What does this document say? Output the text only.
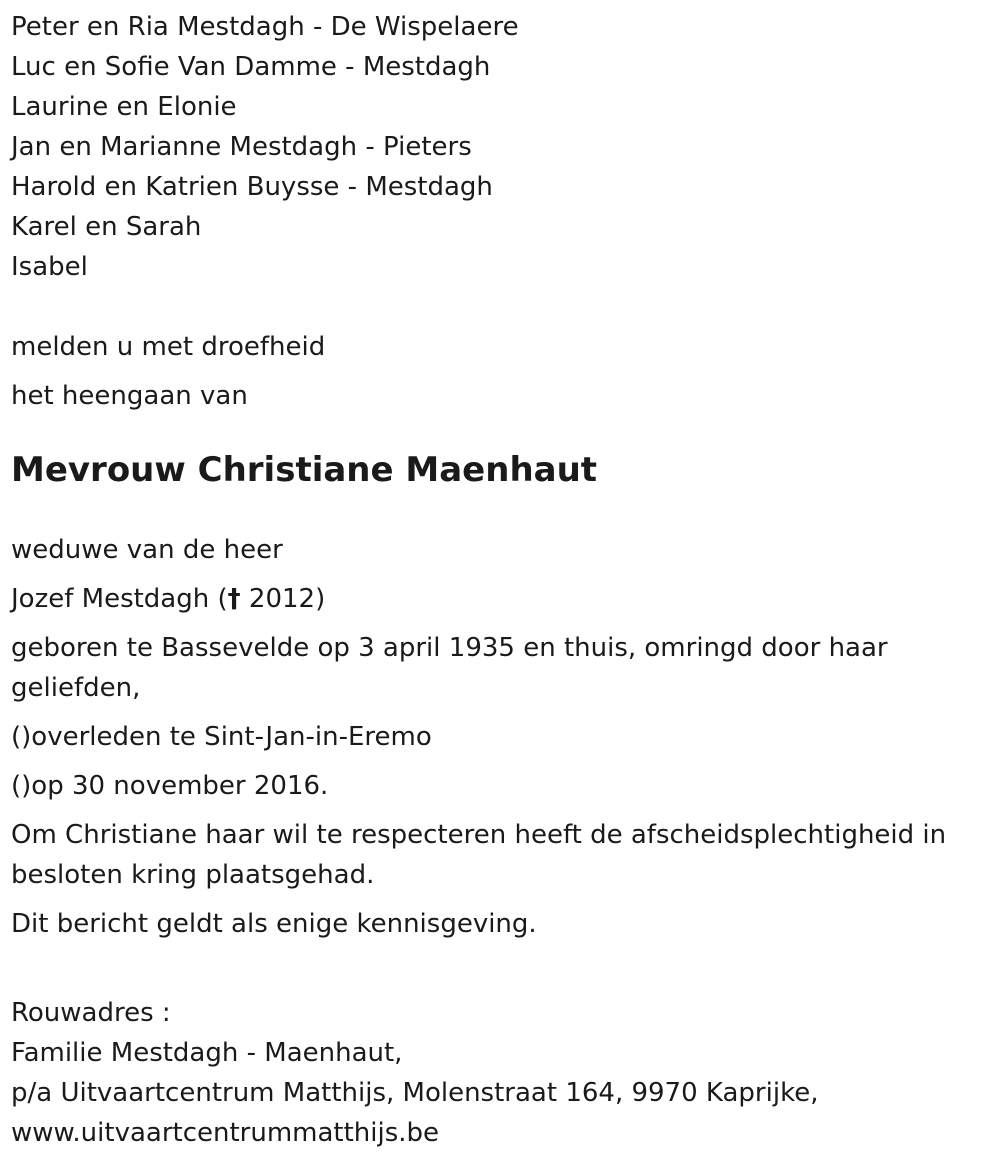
Peter en Ria Mestdagh - De Wispelaere

Luc en Sofie Van Damme - Mestdagh

Laurine en Elonie

Jan en Marianne Mestdagh - Pieters

Harold en Katrien Buysse - Mestdagh

Karel en Sarah

Isabel

melden u met droefheid

het heengaan van

Mevrouw Christiane Maenhaut

weduwe van de heer

Jozef Mestdagh († 2012)

geboren te Bassevelde op 3 april 1935 en thuis, omringd door haar geliefden,

()overleden te Sint-Jan-in-Eremo

()op 30 november 2016.

Om Christiane haar wil te respecteren heeft de afscheidsplechtigheid in besloten kring plaatsgehad.

Dit bericht geldt als enige kennisgeving.

Rouwadres :

Familie Mestdagh - Maenhaut,

p/a Uitvaartcentrum Matthijs, Molenstraat 164, 9970 Kaprijke,

www.uitvaartcentrummatthijs.be
